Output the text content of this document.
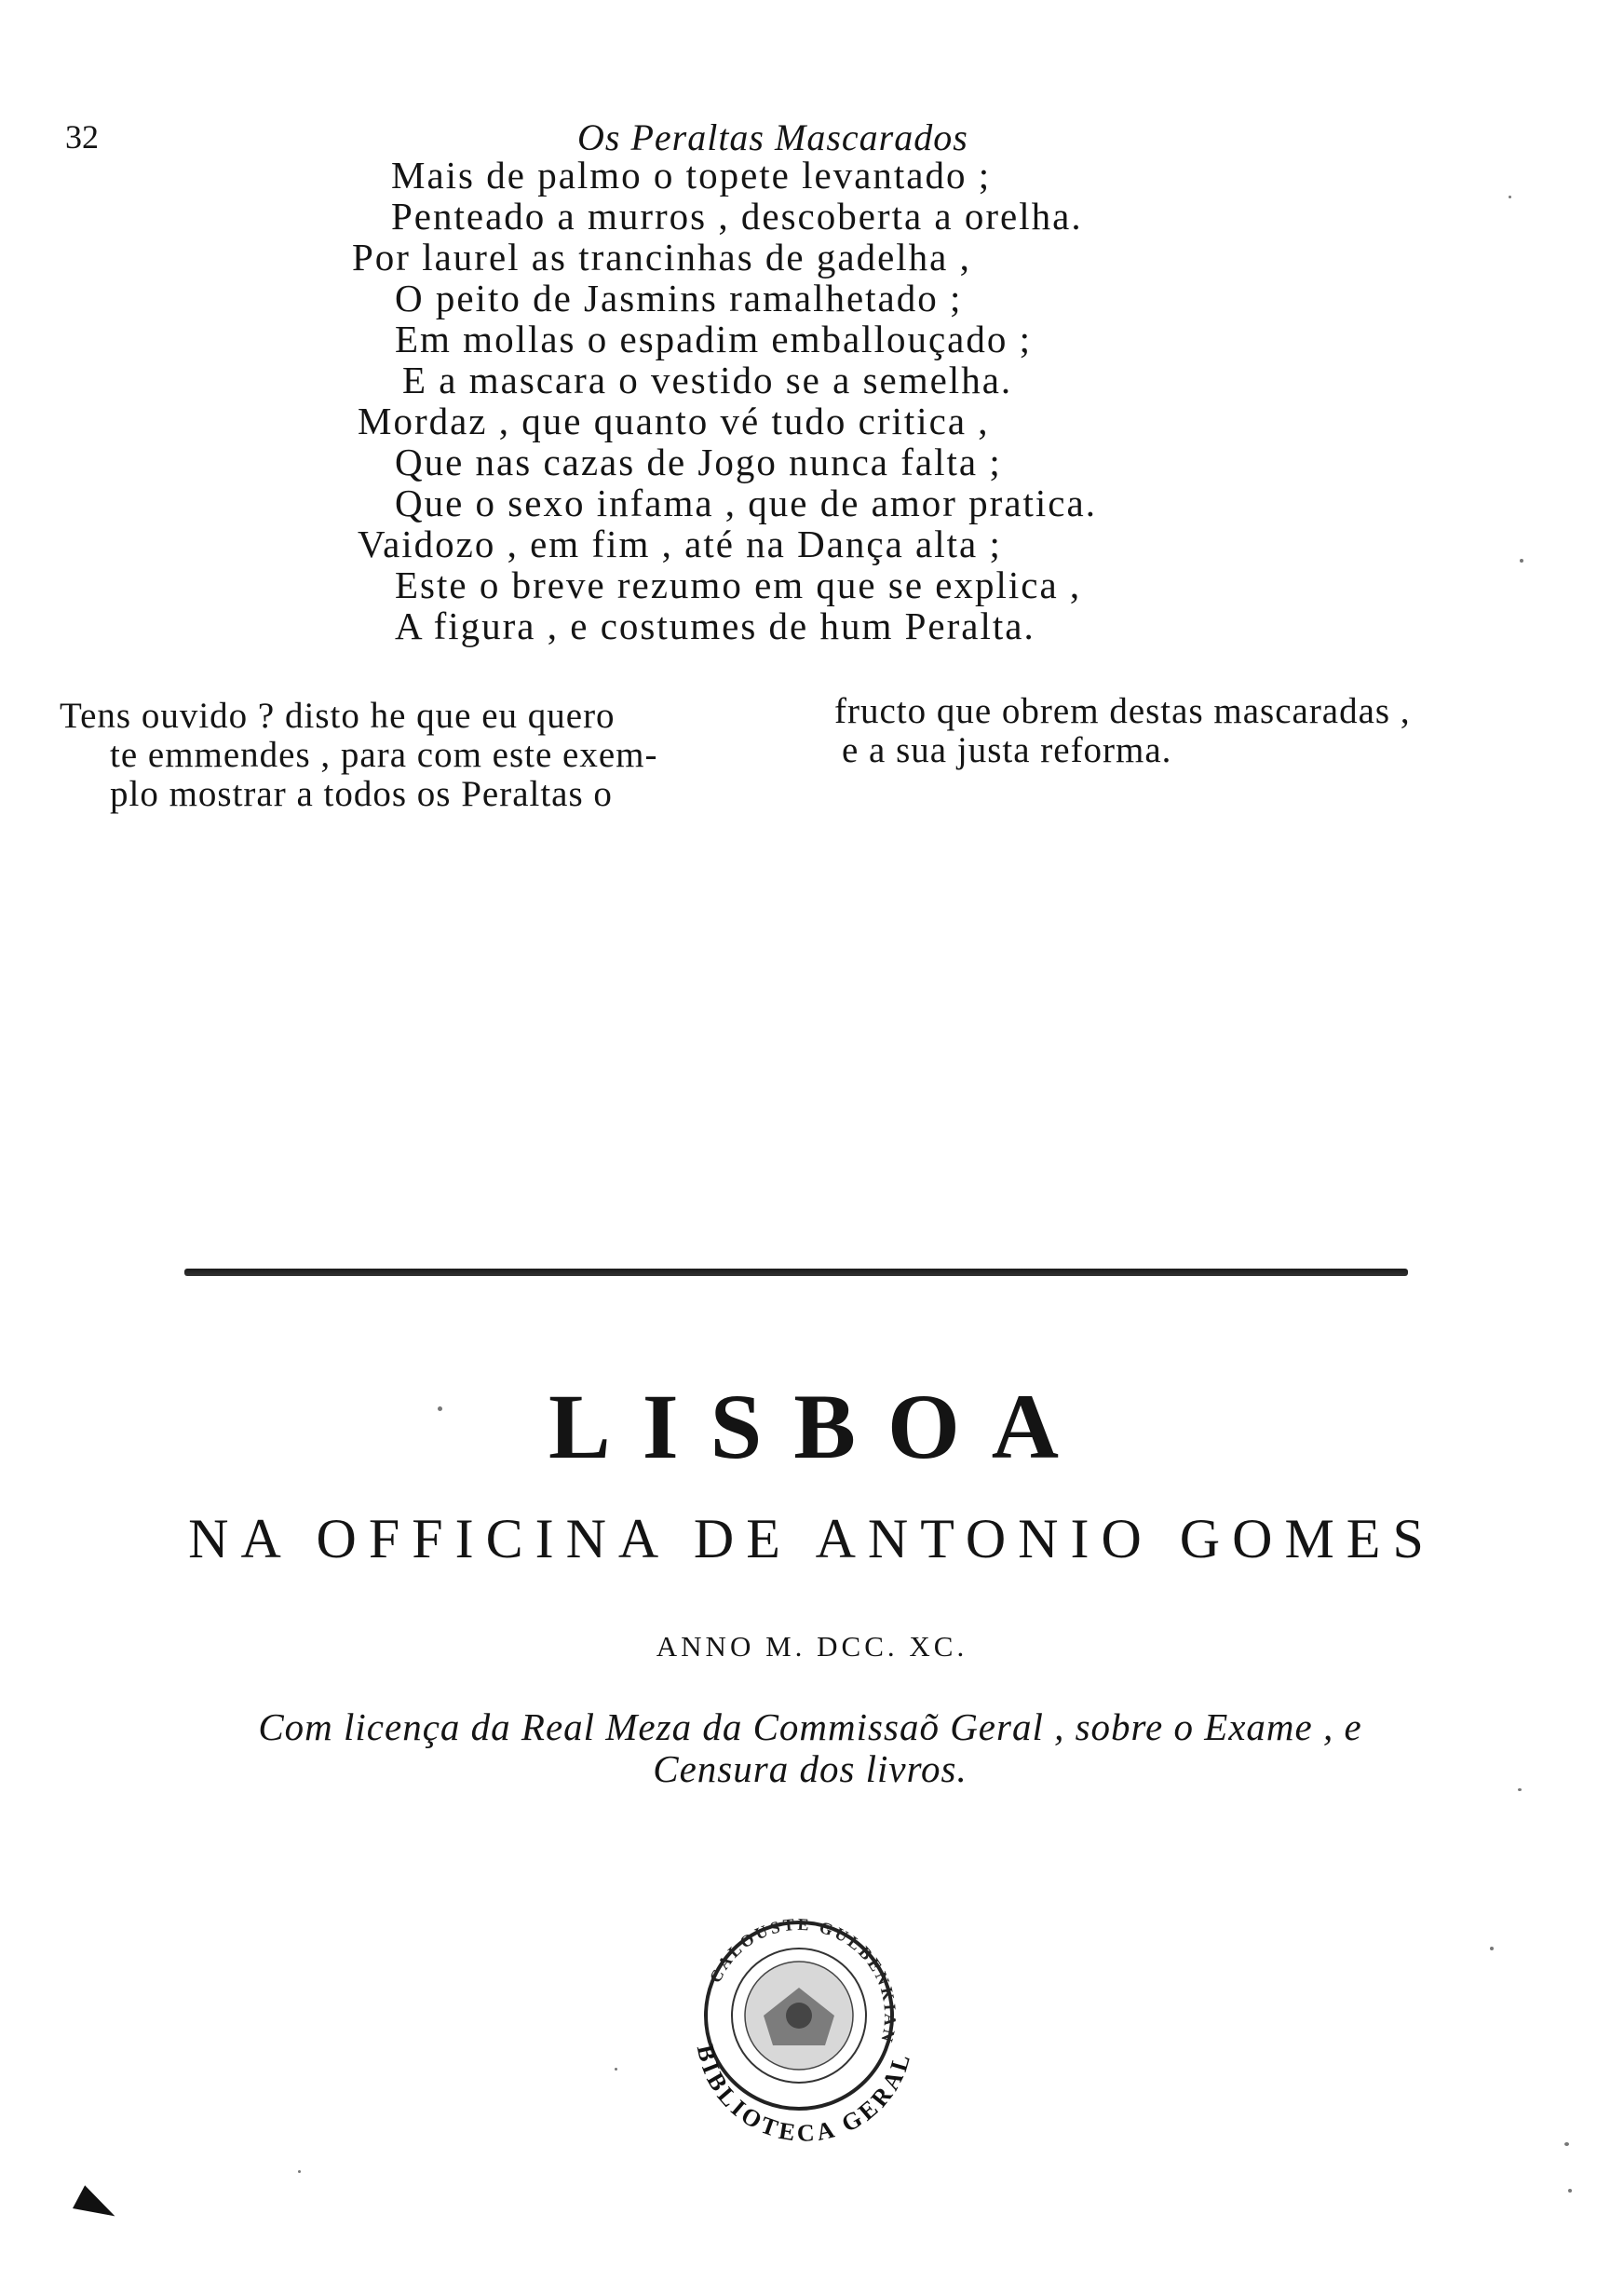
32	Os Peraltas Mascarados
Mais de palmo o topete levantado ;
Penteado a murros , descoberta a orelha.
Por laurel as trancinhas de gadelha ,
O peito de Jasmins ramalhetado ;
Em mollas o espadim emballouçado ;
E a mascara o vestido se a semelha.
Mordaz , que quanto vé tudo critica ,
Que nas cazas de Jogo nunca falta ;
Que o sexo infama , que de amor pratica.
Vaidozo , em fim , até na Dança alta ;
Este o breve rezumo em que se explica ,
A figura , e costumes de hum Peralta.
Tens ouvido ? disto he que eu quero
te emmendes , para com este exem-
plo mostrar a todos os Peraltas o
fructo que obrem destas mascaradas ,
e a sua justa reforma.
LISBOA
NA OFFICINA DE ANTONIO GOMES
ANNO M. DCC. XC.
Com licença da Real Meza da Commissaõ Geral , sobre o Exame , e
Censura dos livros.
CALOUSTE GULBENKIAN
BIBLIOTECA GERAL
